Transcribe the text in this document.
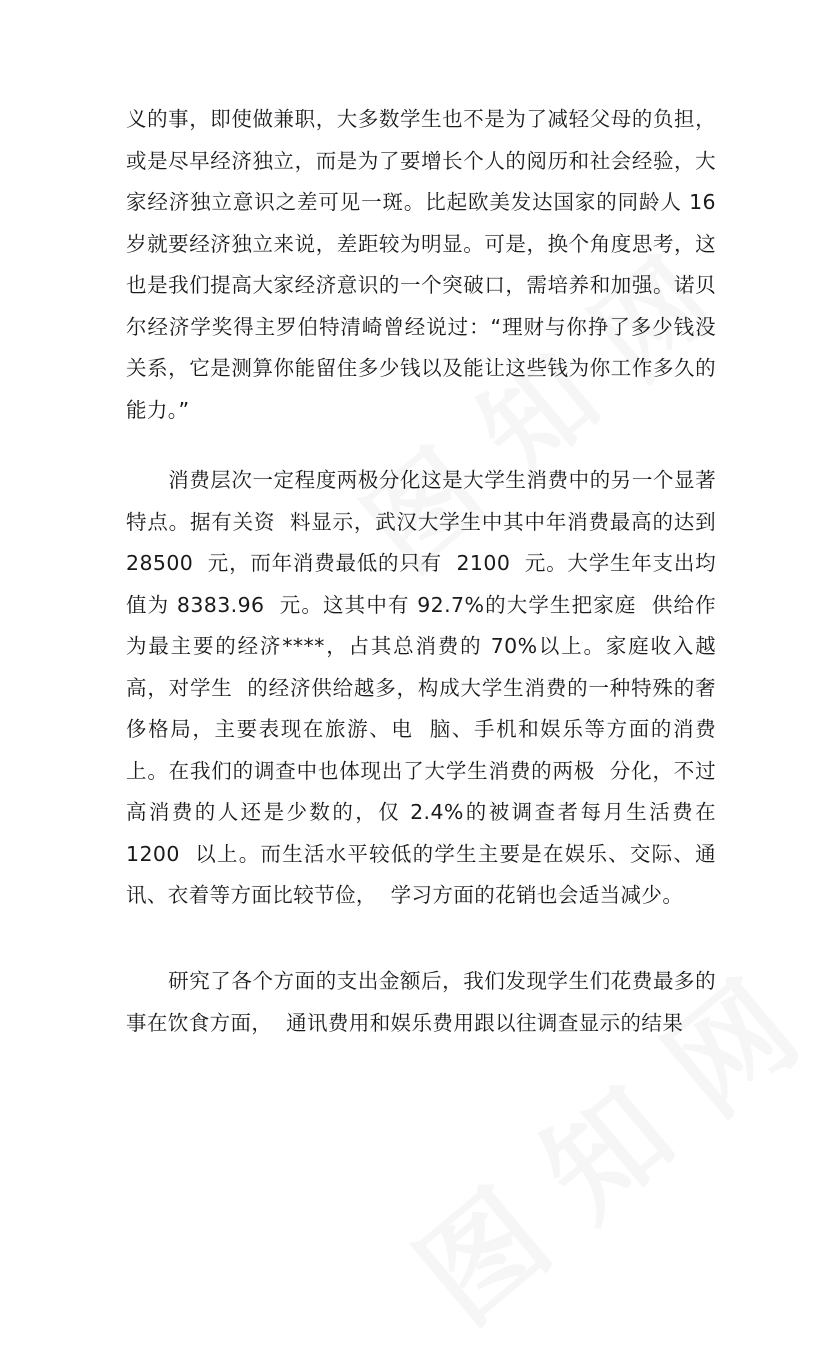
义的事，即使做兼职，大多数学生也不是为了减轻父母的负担，或是尽早经济独立，而是为了要增长个人的阅历和社会经验，大家经济独立意识之差可见一斑。比起欧美发达国家的同龄人 16  岁就要经济独立来说，差距较为明显。可是，换个角度思考，这也是我们提高大家经济意识的一个突破口，需培养和加强。诺贝尔经济学奖得主罗伯特清崎曾经说过：“理财与你挣了多少钱没关系，它是测算你能留住多少钱以及能让这些钱为你工作多久的能力。”

　　消费层次一定程度两极分化这是大学生消费中的另一个显著特点。据有关资  料显示，武汉大学生中其中年消费最高的达到 28500  元，而年消费最低的只有  2100  元。大学生年支出均值为 8383.96  元。这其中有 92.7%的大学生把家庭  供给作为最主要的经济****，占其总消费的 70%以上。家庭收入越高，对学生  的经济供给越多，构成大学生消费的一种特殊的奢侈格局，主要表现在旅游、电  脑、手机和娱乐等方面的消费上。在我们的调查中也体现出了大学生消费的两极  分化，不过高消费的人还是少数的，仅 2.4%的被调查者每月生活费在 1200  以上。而生活水平较低的学生主要是在娱乐、交际、通讯、衣着等方面比较节俭，  学习方面的花销也会适当减少。

　　研究了各个方面的支出金额后，我们发现学生们花费最多的事在饮食方面，  通讯费用和娱乐费用跟以往调查显示的结果
